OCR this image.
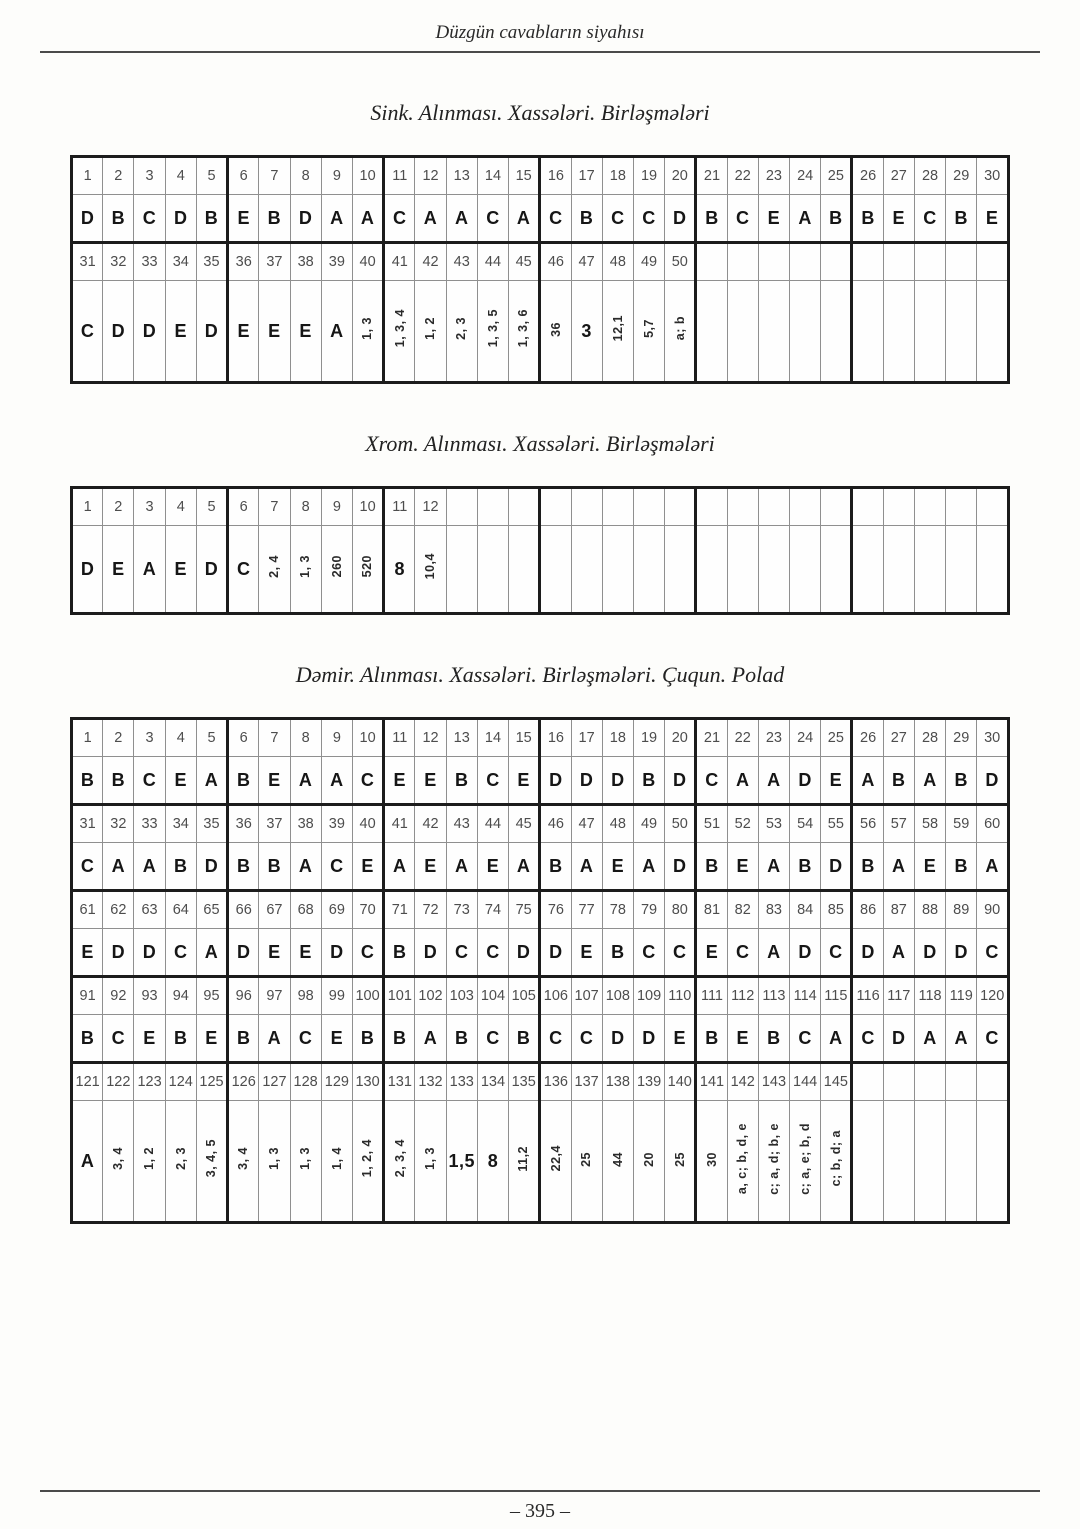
Düzgün cavabların siyahısı
Sink. Alınması. Xassələri. Birləşmələri
1	2	3	4	5	6	7	8	9	10	11	12	13	14	15	16	17	18	19	20	21	22	23	24	25	26	27	28	29	30
D	B	C	D	B	E	B	D	A	A	C	A	A	C	A	C	B	C	C	D	B	C	E	A	B	B	E	C	B	E
31	32	33	34	35	36	37	38	39	40	41	42	43	44	45	46	47	48	49	50										
C	D	D	E	D	E	E	E	A	1, 3	1, 3, 4	1, 2	2, 3	1, 3, 5	1, 3, 6	36	3	12,1	5,7	a; b										
Xrom. Alınması. Xassələri. Birləşmələri
1	2	3	4	5	6	7	8	9	10	11	12																		
D	E	A	E	D	C	2, 4	1, 3	260	520	8	10,4																		
Dəmir. Alınması. Xassələri. Birləşmələri. Çuqun. Polad
1	2	3	4	5	6	7	8	9	10	11	12	13	14	15	16	17	18	19	20	21	22	23	24	25	26	27	28	29	30
B	B	C	E	A	B	E	A	A	C	E	E	B	C	E	D	D	D	B	D	C	A	A	D	E	A	B	A	B	D
31	32	33	34	35	36	37	38	39	40	41	42	43	44	45	46	47	48	49	50	51	52	53	54	55	56	57	58	59	60
C	A	A	B	D	B	B	A	C	E	A	E	A	E	A	B	A	E	A	D	B	E	A	B	D	B	A	E	B	A
61	62	63	64	65	66	67	68	69	70	71	72	73	74	75	76	77	78	79	80	81	82	83	84	85	86	87	88	89	90
E	D	D	C	A	D	E	E	D	C	B	D	C	C	D	D	E	B	C	C	E	C	A	D	C	D	A	D	D	C
91	92	93	94	95	96	97	98	99	100	101	102	103	104	105	106	107	108	109	110	111	112	113	114	115	116	117	118	119	120
B	C	E	B	E	B	A	C	E	B	B	A	B	C	B	C	C	D	D	E	B	E	B	C	A	C	D	A	A	C
121	122	123	124	125	126	127	128	129	130	131	132	133	134	135	136	137	138	139	140	141	142	143	144	145					
A	3, 4	1, 2	2, 3	3, 4, 5	3, 4	1, 3	1, 3	1, 4	1, 2, 4	2, 3, 4	1, 3	1,5	8	11,2	22,4	25	44	20	25	30	a, c; b, d, e	c; a, d; b, e	c; a, e; b, d	c; b, d; a					
– 395 –
